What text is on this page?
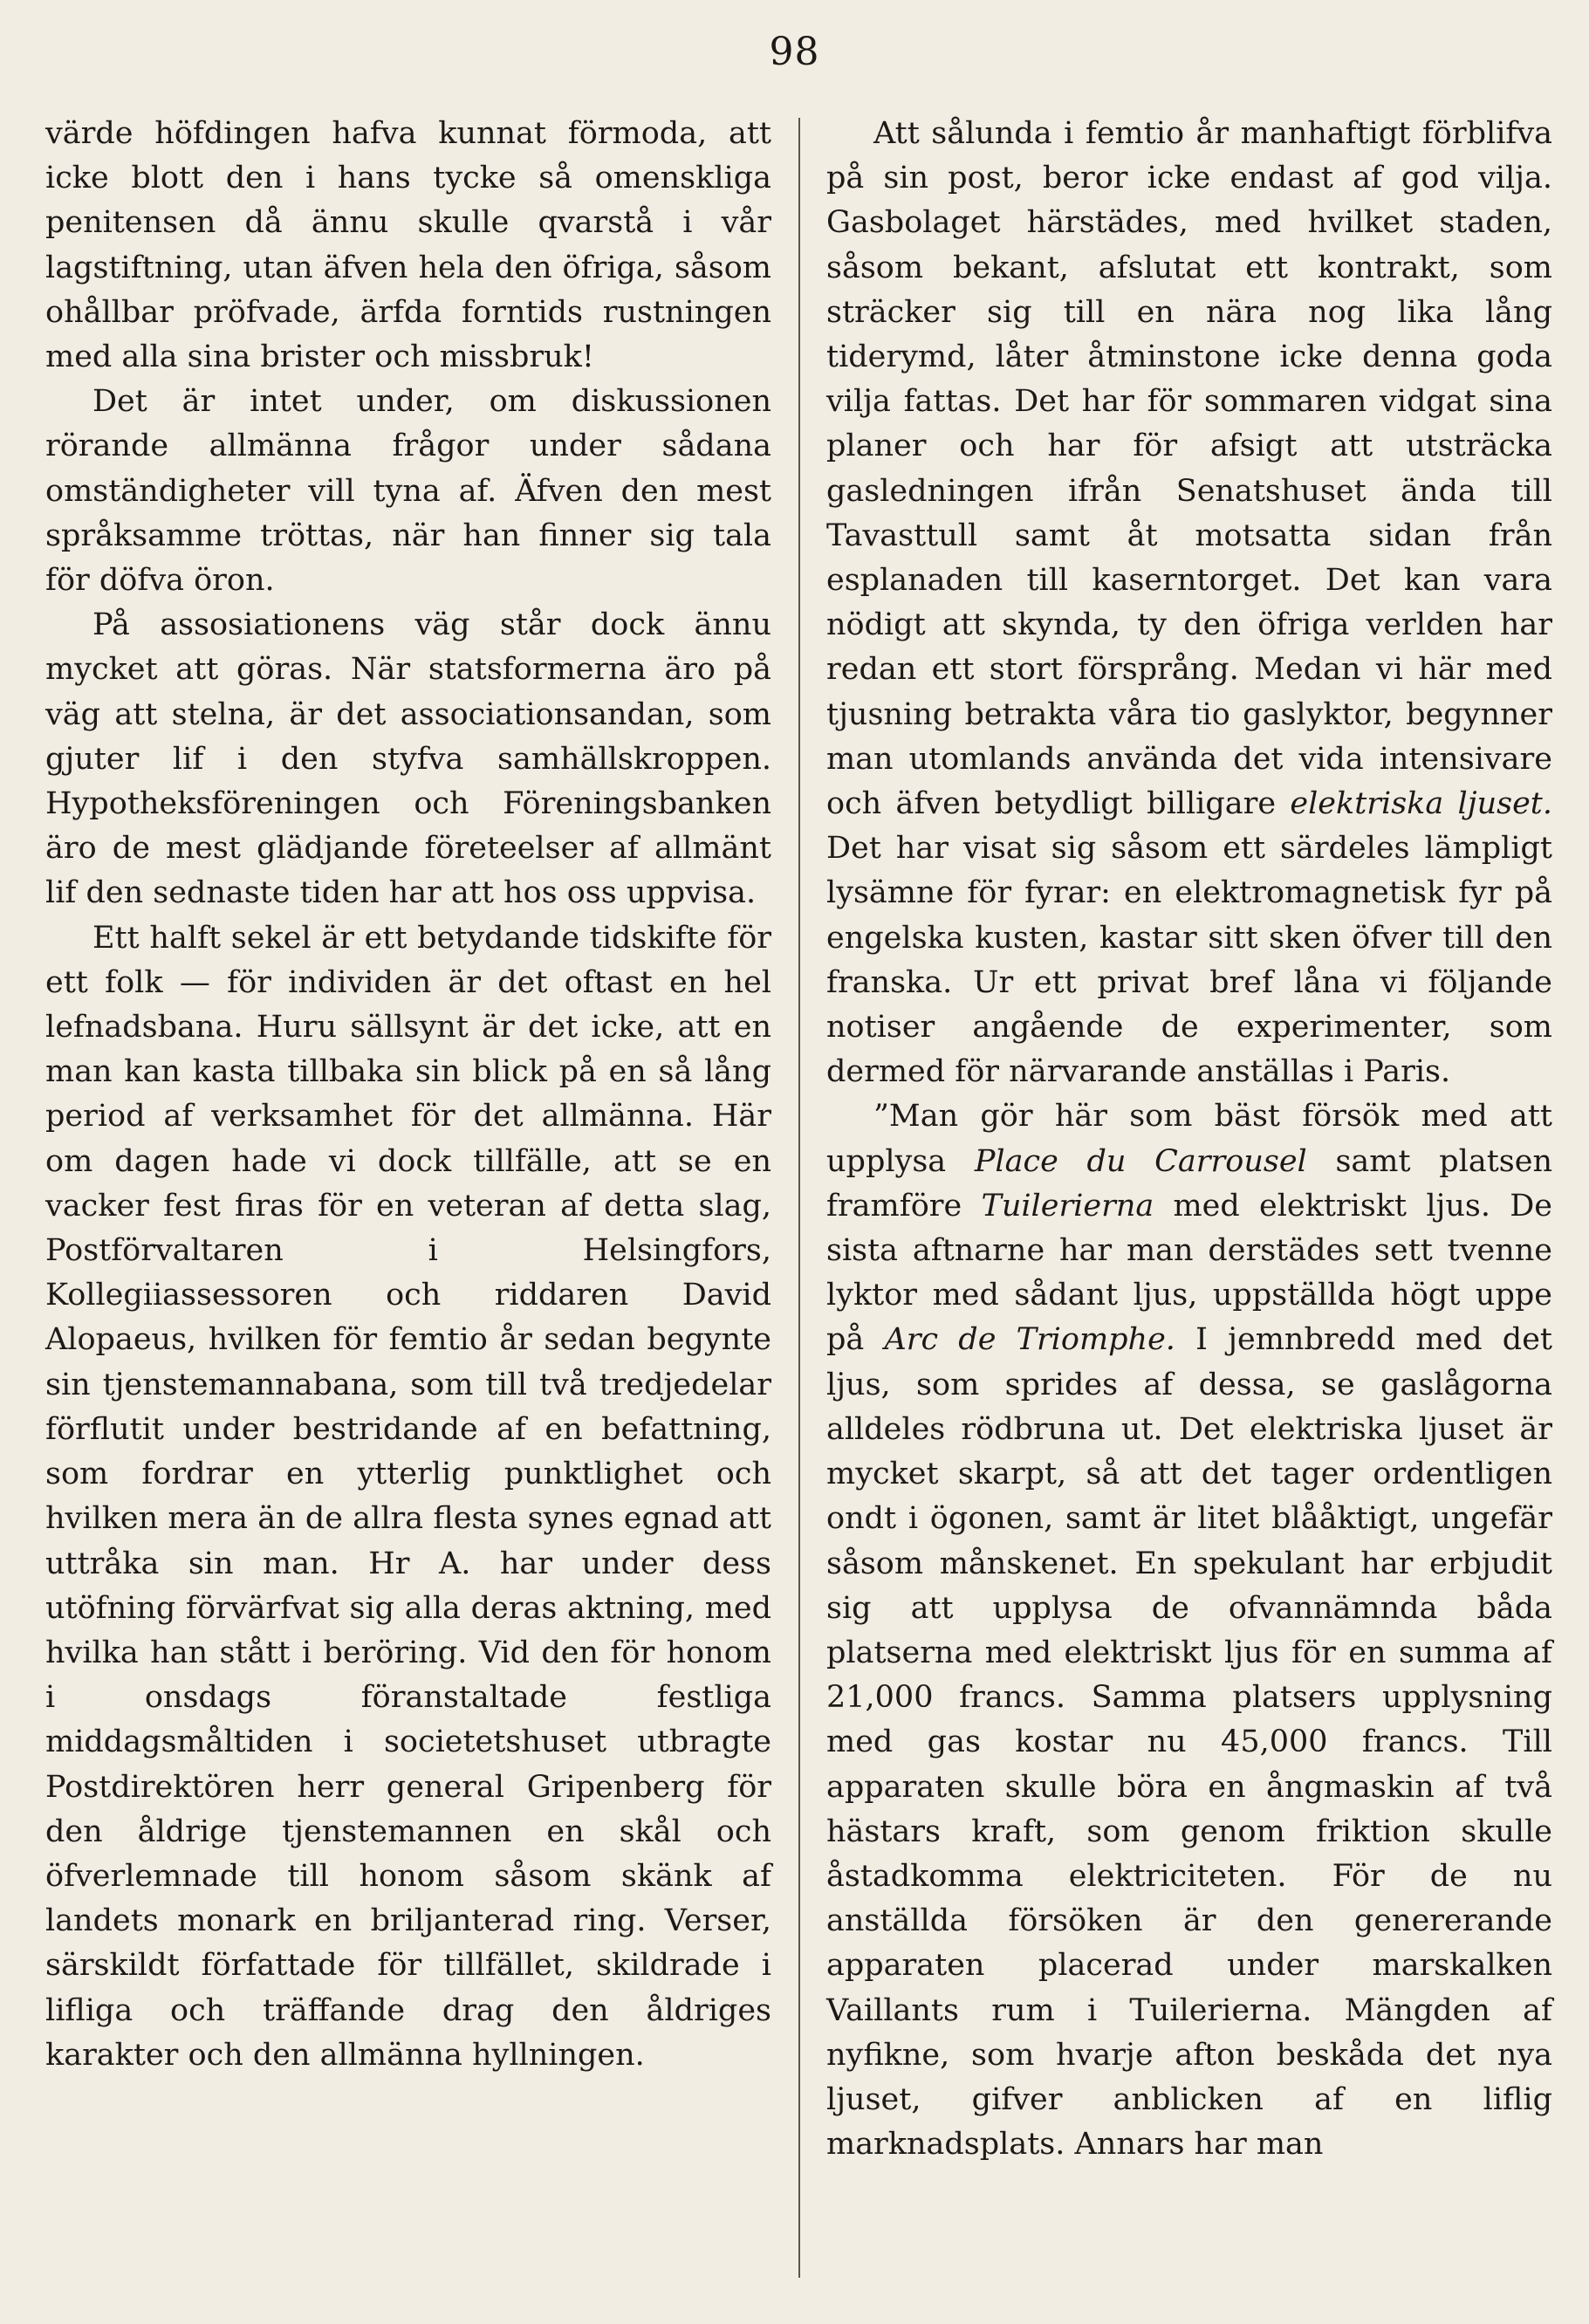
98

värde höfdingen hafva kunnat förmoda, att icke blott den i hans tycke så omenskliga penitensen då ännu skulle qvarstå i vår lagstiftning, utan äfven hela den öfriga, såsom ohållbar pröfvade, ärfda forntids rustningen med alla sina brister och missbruk!

Det är intet under, om diskussionen rörande allmänna frågor under sådana omständigheter vill tyna af. Äfven den mest språksamme tröttas, när han finner sig tala för döfva öron.

På assosiationens väg står dock ännu mycket att göras. När statsformerna äro på väg att stelna, är det associationsandan, som gjuter lif i den styfva samhällskroppen. Hypotheksföreningen och Föreningsbanken äro de mest glädjande företeelser af allmänt lif den sednaste tiden har att hos oss uppvisa.

Ett halft sekel är ett betydande tidskifte för ett folk — för individen är det oftast en hel lefnadsbana. Huru sällsynt är det icke, att en man kan kasta tillbaka sin blick på en så lång period af verksamhet för det allmänna. Här om dagen hade vi dock tillfälle, att se en vacker fest firas för en veteran af detta slag, Postförvaltaren i Helsingfors, Kollegiiassessoren och riddaren David Alopaeus, hvilken för femtio år sedan begynte sin tjenstemannabana, som till två tredjedelar förflutit under bestridande af en befattning, som fordrar en ytterlig punktlighet och hvilken mera än de allra flesta synes egnad att uttråka sin man. Hr A. har under dess utöfning förvärfvat sig alla deras aktning, med hvilka han stått i beröring. Vid den för honom i onsdags föranstaltade festliga middagsmåltiden i societetshuset utbragte Postdirektören herr general Gripenberg för den åldrige tjenstemannen en skål och öfverlemnade till honom såsom skänk af landets monark en briljanterad ring. Verser, särskildt författade för tillfället, skildrade i lifliga och träffande drag den åldriges karakter och den allmänna hyllningen.

Att sålunda i femtio år manhaftigt förblifva på sin post, beror icke endast af god vilja. Gasbolaget härstädes, med hvilket staden, såsom bekant, afslutat ett kontrakt, som sträcker sig till en nära nog lika lång tiderymd, låter åtminstone icke denna goda vilja fattas. Det har för sommaren vidgat sina planer och har för afsigt att utsträcka gasledningen ifrån Senatshuset ända till Tavasttull samt åt motsatta sidan från esplanaden till kaserntorget. Det kan vara nödigt att skynda, ty den öfriga verlden har redan ett stort försprång. Medan vi här med tjusning betrakta våra tio gaslyktor, begynner man utomlands använda det vida intensivare och äfven betydligt billigare elektriska ljuset. Det har visat sig såsom ett särdeles lämpligt lysämne för fyrar: en elektromagnetisk fyr på engelska kusten, kastar sitt sken öfver till den franska. Ur ett privat bref låna vi följande notiser angående de experimenter, som dermed för närvarande anställas i Paris.

”Man gör här som bäst försök med att upplysa Place du Carrousel samt platsen framföre Tuilerierna med elektriskt ljus. De sista aftnarne har man derstädes sett tvenne lyktor med sådant ljus, uppställda högt uppe på Arc de Triomphe. I jemnbredd med det ljus, som sprides af dessa, se gaslågorna alldeles rödbruna ut. Det elektriska ljuset är mycket skarpt, så att det tager ordentligen ondt i ögonen, samt är litet blååktigt, ungefär såsom månskenet. En spekulant har erbjudit sig att upplysa de ofvannämnda båda platserna med elektriskt ljus för en summa af 21,000 francs. Samma platsers upplysning med gas kostar nu 45,000 francs. Till apparaten skulle böra en ångmaskin af två hästars kraft, som genom friktion skulle åstadkomma elektriciteten. För de nu anställda försöken är den genererande apparaten placerad under marskalken Vaillants rum i Tuilerierna. Mängden af nyfikne, som hvarje afton beskåda det nya ljuset, gifver anblicken af en liflig marknadsplats. Annars har man
